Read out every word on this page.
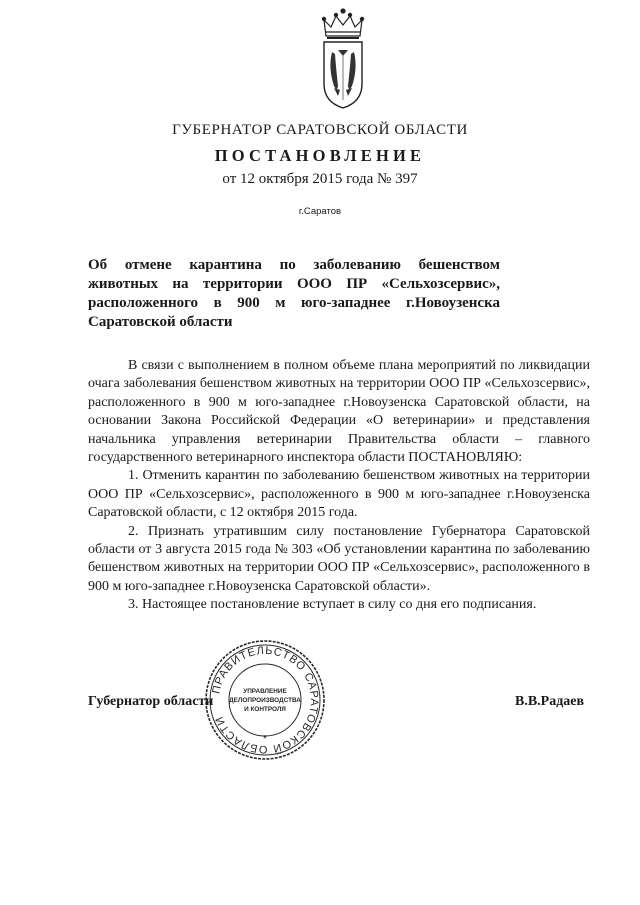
ГУБЕРНАТОР САРАТОВСКОЙ ОБЛАСТИ
ПОСТАНОВЛЕНИЕ
от 12 октября 2015 года № 397
г.Саратов
Об отмене карантина по заболеванию бешенством животных на территории ООО ПР «Сельхозсервис», расположенного в 900 м юго-западнее г.Новоузенска Саратовской области

В связи с выполнением в полном объеме плана мероприятий по ликвидации очага заболевания бешенством животных на территории ООО ПР «Сельхозсервис», расположенного в 900 м юго-западнее г.Новоузенска Саратовской области, на основании Закона Российской Федерации «О ветеринарии» и представления начальника управления ветеринарии Правительства области – главного государственного ветеринарного инспектора области ПОСТАНОВЛЯЮ:

1. Отменить карантин по заболеванию бешенством животных на территории ООО ПР «Сельхозсервис», расположенного в 900 м юго-западнее г.Новоузенска Саратовской области, с 12 октября 2015 года.

2. Признать утратившим силу постановление Губернатора Саратовской области от 3 августа 2015 года № 303 «Об установлении карантина по заболеванию бешенством животных на территории ООО ПР «Сельхозсервис», расположенного в 900 м юго-западнее г.Новоузенска Саратовской области».

3. Настоящее постановление вступает в силу со дня его подписания.

ПРАВИТЕЛЬСТВО САРАТОВСКОЙ ОБЛАСТИ
УПРАВЛЕНИЕ
ДЕЛОПРОИЗВОДСТВА
И КОНТРОЛЯ
*
Губернатор области	В.В.Радаев
